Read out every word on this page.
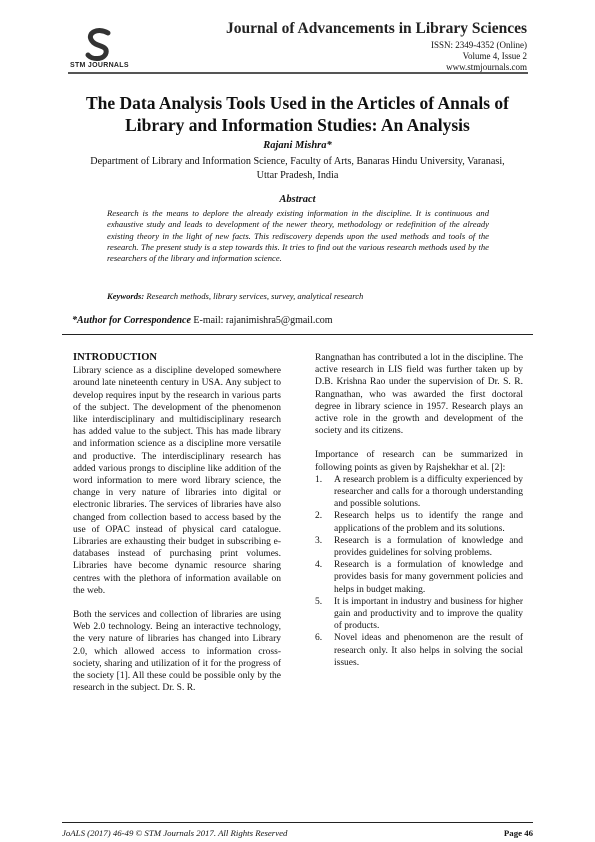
STM JOURNALS
Journal of Advancements in Library Sciences
ISSN: 2349-4352 (Online)
Volume 4, Issue 2
www.stmjournals.com
The Data Analysis Tools Used in the Articles of Annals of Library and Information Studies: An Analysis
Rajani Mishra*
Department of Library and Information Science, Faculty of Arts, Banaras Hindu University, Varanasi, Uttar Pradesh, India
Abstract
Research is the means to deplore the already existing information in the discipline. It is continuous and exhaustive study and leads to development of the newer theory, methodology or redefinition of the already existing theory in the light of new facts. This rediscovery depends upon the used methods and tools of the research. The present study is a step towards this. It tries to find out the various research methods used by the researchers of the library and information science.
Keywords: Research methods, library services, survey, analytical research
*Author for Correspondence E-mail: rajanimishra5@gmail.com
INTRODUCTION

Library science as a discipline developed somewhere around late nineteenth century in USA. Any subject to develop requires input by the research in various parts of the subject. The development of the phenomenon like interdisciplinary and multidisciplinary research has added value to the subject. This has made library and information science as a discipline more versatile and productive. The interdisciplinary research has added various prongs to discipline like addition of the word information to mere word library science, the change in very nature of libraries into digital or electronic libraries. The services of libraries have also changed from collection based to access based by the use of OPAC instead of physical card catalogue. Libraries are exhausting their budget in subscribing e-databases instead of purchasing print volumes. Libraries have become dynamic resource sharing centres with the plethora of information available on the web.

Both the services and collection of libraries are using Web 2.0 technology. Being an interactive technology, the very nature of libraries has changed into Library 2.0, which allowed access to information cross-society, sharing and utilization of it for the progress of the society [1]. All these could be possible only by the research in the subject. Dr. S. R.

Rangnathan has contributed a lot in the discipline. The active research in LIS field was further taken up by D.B. Krishna Rao under the supervision of Dr. S. R. Rangnathan, who was awarded the first doctoral degree in library science in 1957. Research plays an active role in the growth and development of the society and its citizens.

Importance of research can be summarized in following points as given by Rajshekhar et al. [2]:

1. A research problem is a difficulty experienced by researcher and calls for a thorough understanding and possible solutions.
2. Research helps us to identify the range and applications of the problem and its solutions.
3. Research is a formulation of knowledge and provides guidelines for solving problems.
4. Research is a formulation of knowledge and provides basis for many government policies and helps in budget making.
5. It is important in industry and business for higher gain and productivity and to improve the quality of products.
6. Novel ideas and phenomenon are the result of research only. It also helps in solving the social issues.
JoALS (2017) 46-49 © STM Journals 2017. All Rights Reserved	Page 46
